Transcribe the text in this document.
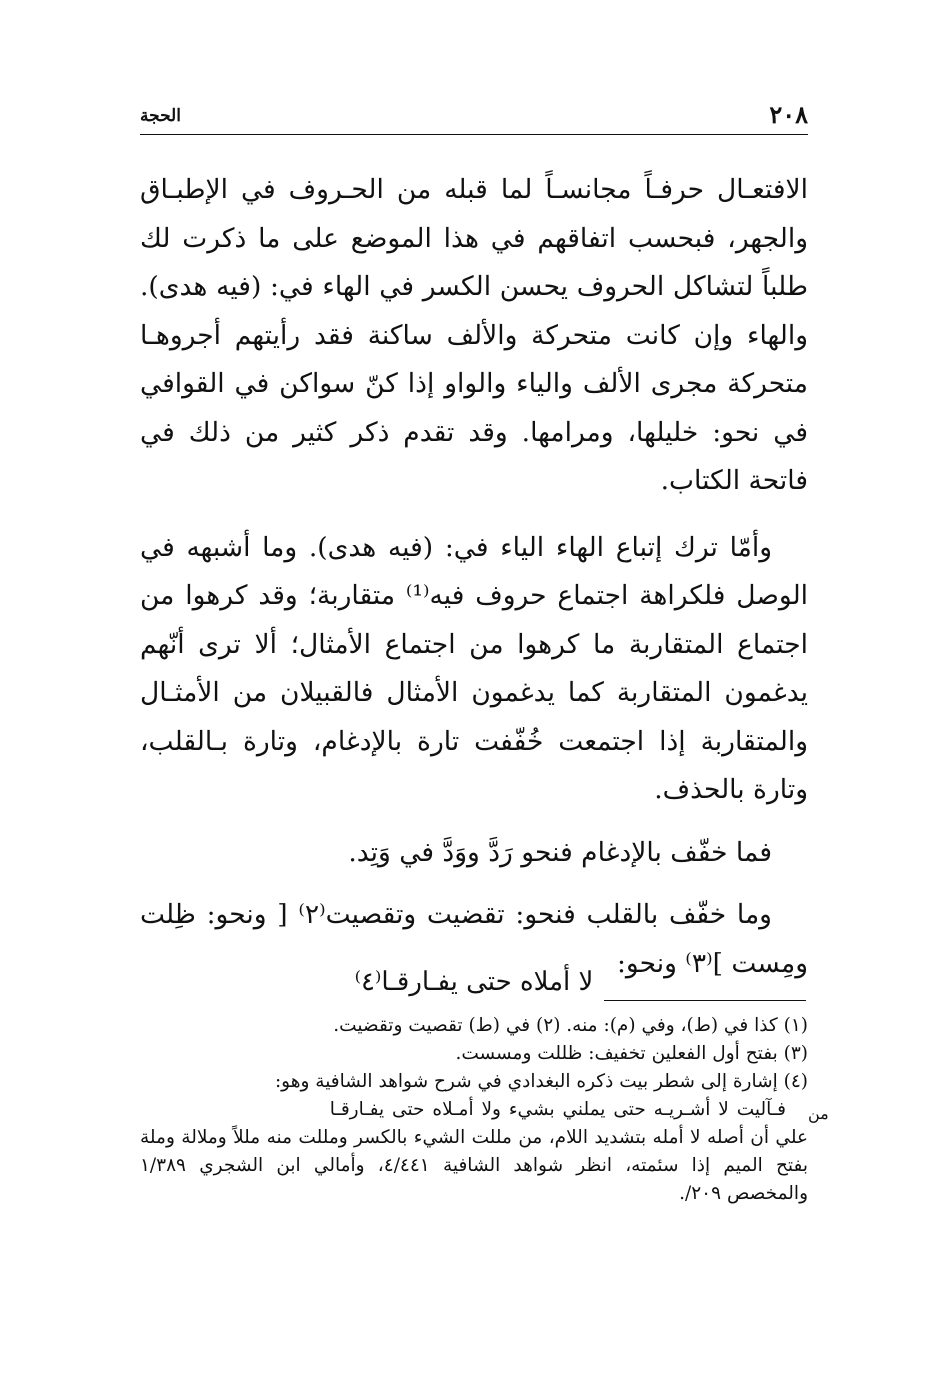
٢٠٨
الحجة

الافتعـال حرفـاً مجانسـاً لما قبله من الحـروف في الإطبـاق والجهر، فبحسب اتفاقهم في هذا الموضع على ما ذكرت لك طلباً لتشاكل الحروف يحسن الكسر في الهاء في: (فيه هدى). والهاء وإن كانت متحركة والألف ساكنة فقد رأيتهم أجروهـا متحركة مجرى الألف والياء والواو إذا كنّ سواكن في القوافي في نحو: خليلها، ومرامها. وقد تقدم ذكر كثير من ذلك في فاتحة الكتاب.

وأمّا ترك إتباع الهاء الياء في: (فيه هدى). وما أشبهه في الوصل فلكراهة اجتماع حروف فيه⁽¹⁾ متقاربة؛ وقد كرهوا من اجتماع المتقاربة ما كرهوا من اجتماع الأمثال؛ ألا ترى أنّهم يدغمون المتقاربة كما يدغمون الأمثال فالقبيلان من الأمثـال والمتقاربة إذا اجتمعت خُفّفت تارة بالإدغام، وتارة بـالقلب، وتارة بالحذف.

فما خفّف بالإدغام فنحو رَدَّ ووَدَّ في وَتِد.

وما خفّف بالقلب فنحو: تقضيت وتقصيت⁽٢⁾ [ ونحو: ظِلت ومِست ]⁽٣⁾ ونحو:

لا أملاه حتى يفـارقـا⁽٤⁾

(١) كذا في (ط)، وفي (م): منه. (٢) في (ط) تقصيت وتقضيت.

(٣) بفتح أول الفعلين تخفيف: ظللت ومسست.

(٤) إشارة إلى شطر بيت ذكره البغدادي في شرح شواهد الشافية وهو:

فـآليت لا أشـريـه حتى يملني بشيء ولا أمـلاه حتى يفـارقـا

علي أن أصله لا أمله بتشديد اللام، من مللت الشيء بالكسر ومللت منه مللاً وملالة وملة بفتح الميم إذا سئمته، انظر شواهد الشافية ٤/٤٤١، وأمالي ابن الشجري ١/٣٨٩ والمخصص ٢٠٩/.

من
